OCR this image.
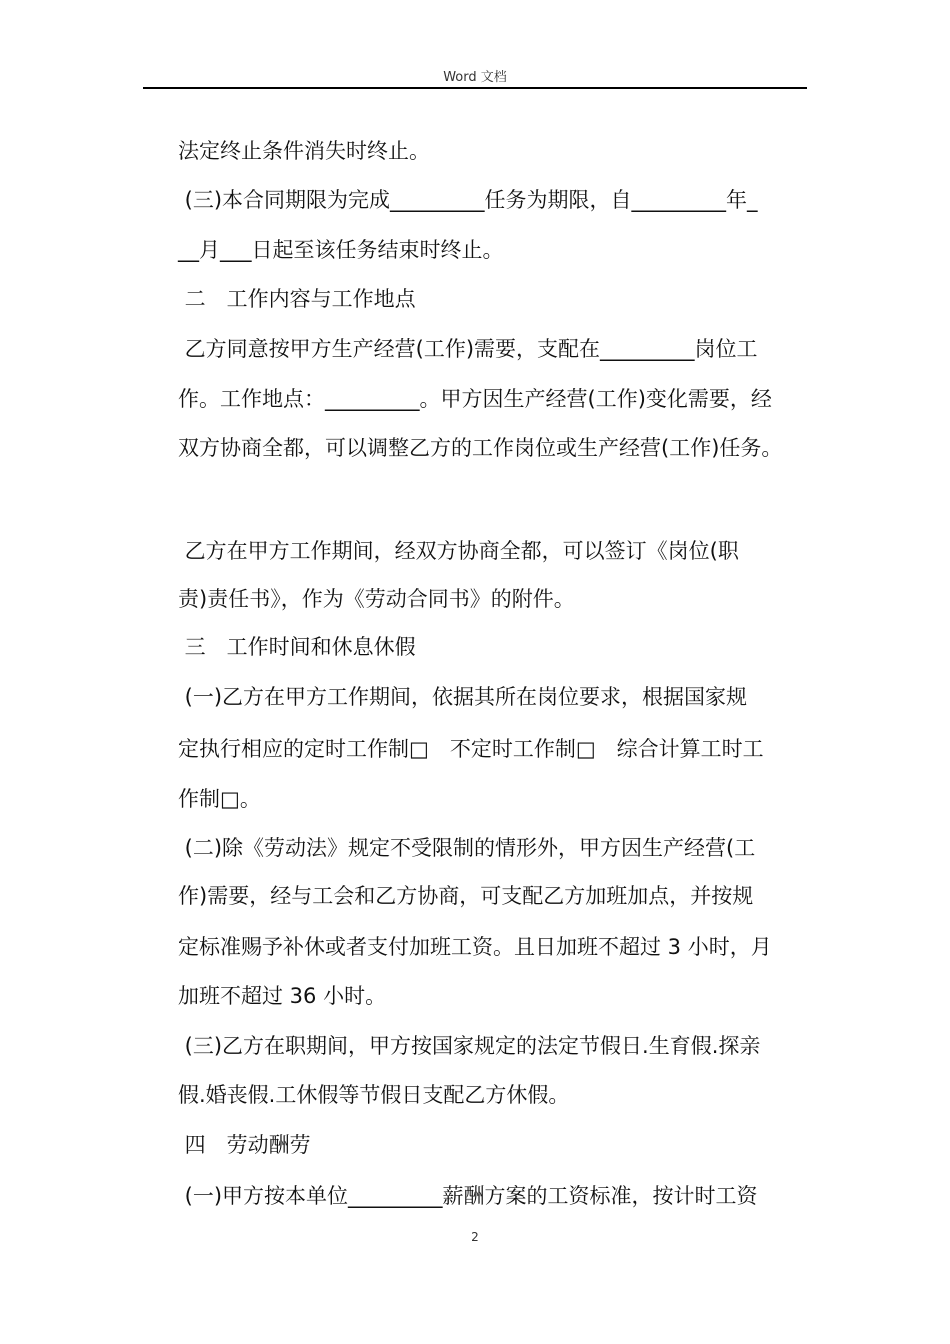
Word 文档
法定终止条件消失时终止。
(三)本合同期限为完成_________任务为期限，自_________年_
__月___日起至该任务结束时终止。
二　工作内容与工作地点
乙方同意按甲方生产经营(工作)需要，支配在_________岗位工
作。工作地点：_________。甲方因生产经营(工作)变化需要，经
双方协商全都，可以调整乙方的工作岗位或生产经营(工作)任务。
乙方在甲方工作期间，经双方协商全都，可以签订《岗位(职
责)责任书》，作为《劳动合同书》的附件。
三　工作时间和休息休假
(一)乙方在甲方工作期间，依据其所在岗位要求，根据国家规
定执行相应的定时工作制□　不定时工作制□　综合计算工时工
作制□。
(二)除《劳动法》规定不受限制的情形外，甲方因生产经营(工
作)需要，经与工会和乙方协商，可支配乙方加班加点，并按规
定标准赐予补休或者支付加班工资。且日加班不超过 3 小时，月
加班不超过 36 小时。
(三)乙方在职期间，甲方按国家规定的法定节假日.生育假.探亲
假.婚丧假.工休假等节假日支配乙方休假。
四　劳动酬劳
(一)甲方按本单位_________薪酬方案的工资标准，按计时工资
2
